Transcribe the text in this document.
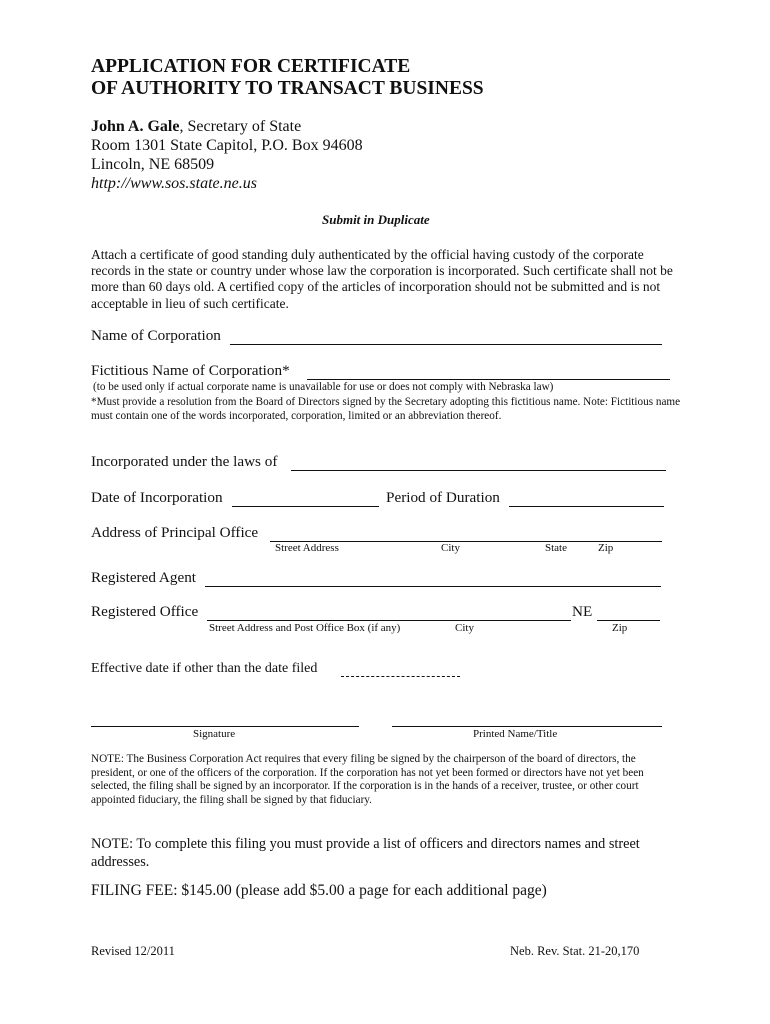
APPLICATION FOR CERTIFICATE
OF AUTHORITY TO TRANSACT BUSINESS
John A. Gale, Secretary of State
Room 1301 State Capitol, P.O. Box 94608
Lincoln, NE 68509
http://www.sos.state.ne.us
Submit in Duplicate
Attach a certificate of good standing duly authenticated by the official having custody of the corporate records in the state or country under whose law the corporation is incorporated. Such certificate shall not be more than 60 days old. A certified copy of the articles of incorporation should not be submitted and is not acceptable in lieu of such certificate.
Name of Corporation
Fictitious Name of Corporation*
(to be used only if actual corporate name is unavailable for use or does not comply with Nebraska law)
*Must provide a resolution from the Board of Directors signed by the Secretary adopting this fictitious name. Note: Fictitious name must contain one of the words incorporated, corporation, limited or an abbreviation thereof.
Incorporated under the laws of
Date of Incorporation	Period of Duration
Address of Principal Office
Street Address	City	State	Zip
Registered Agent
Registered Office	NE
Street Address and Post Office Box (if any)	City	Zip
Effective date if other than the date filed
Signature	Printed Name/Title
NOTE: The Business Corporation Act requires that every filing be signed by the chairperson of the board of directors, the president, or one of the officers of the corporation. If the corporation has not yet been formed or directors have not yet been selected, the filing shall be signed by an incorporator. If the corporation is in the hands of a receiver, trustee, or other court appointed fiduciary, the filing shall be signed by that fiduciary.
NOTE: To complete this filing you must provide a list of officers and directors names and street addresses.
FILING FEE: $145.00 (please add $5.00 a page for each additional page)
Revised 12/2011	Neb. Rev. Stat. 21-20,170
